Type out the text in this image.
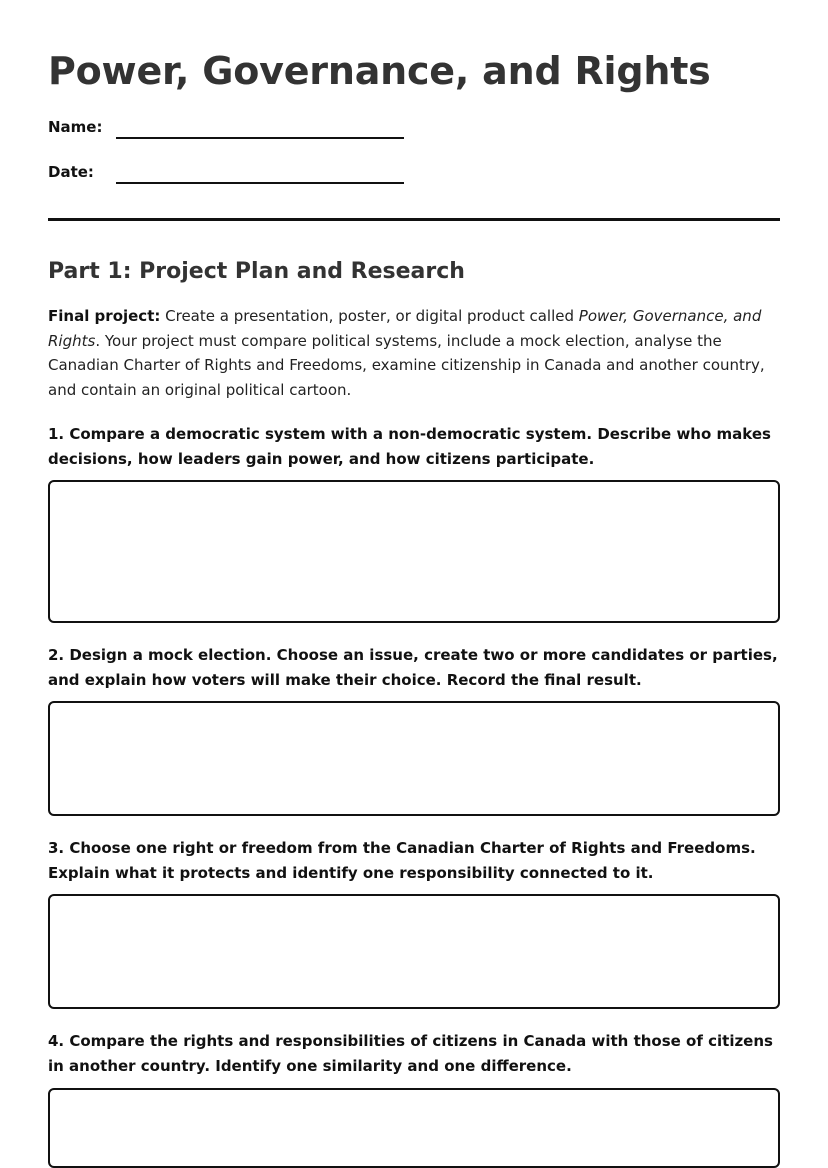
Power, Governance, and Rights
Name:
Date:
Part 1: Project Plan and Research

Final project: Create a presentation, poster, or digital product called Power, Governance, and Rights. Your project must compare political systems, include a mock election, analyse the Canadian Charter of Rights and Freedoms, examine citizenship in Canada and another country, and contain an original political cartoon.

1. Compare a democratic system with a non-democratic system. Describe who makes decisions, how leaders gain power, and how citizens participate.

2. Design a mock election. Choose an issue, create two or more candidates or parties, and explain how voters will make their choice. Record the final result.

3. Choose one right or freedom from the Canadian Charter of Rights and Freedoms. Explain what it protects and identify one responsibility connected to it.

4. Compare the rights and responsibilities of citizens in Canada with those of citizens in another country. Identify one similarity and one difference.
